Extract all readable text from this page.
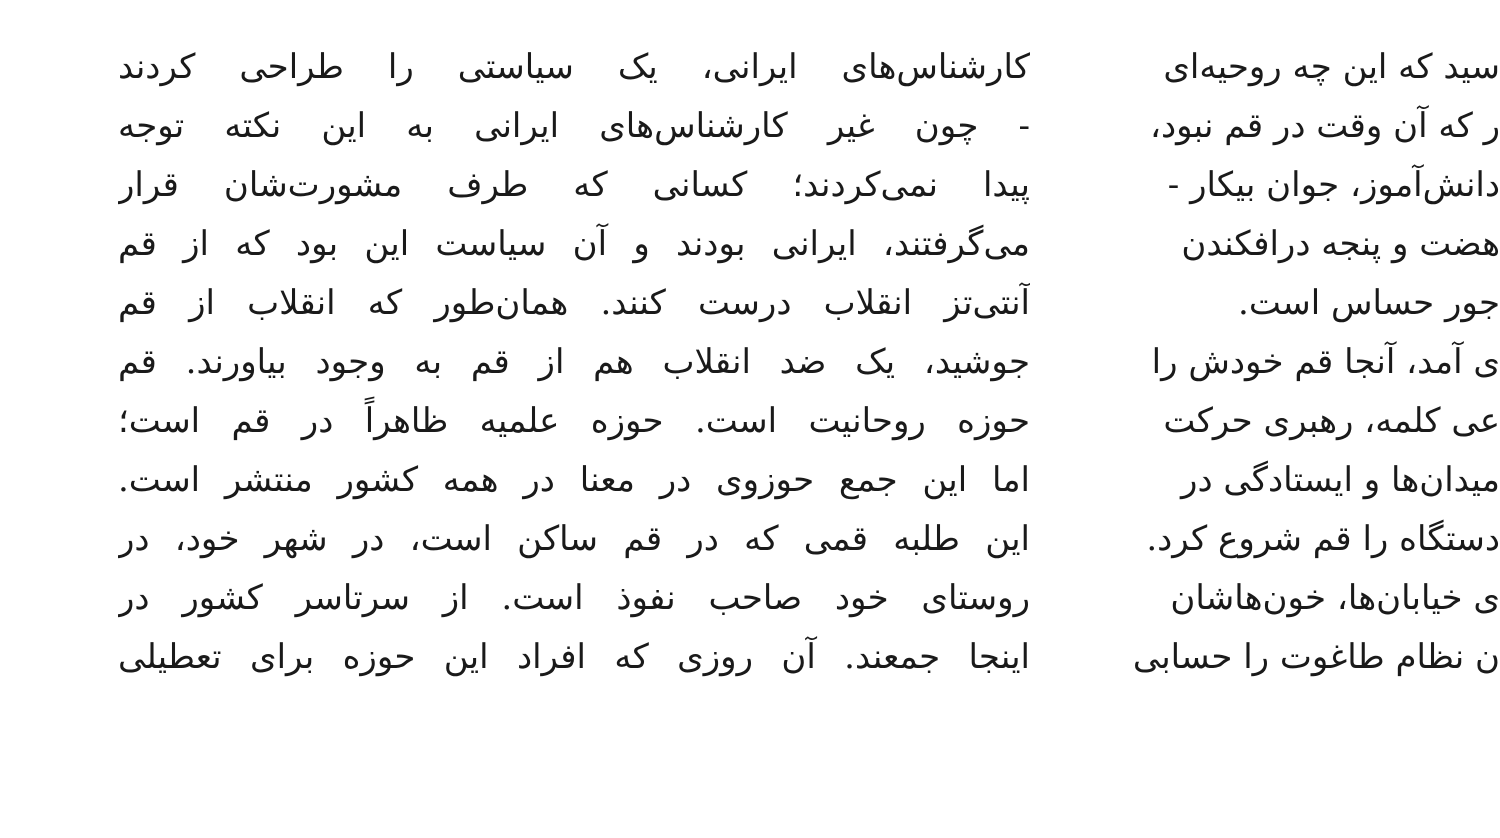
کارشناس‌های ایرانی، یک سیاستی را طراحی کردند
- چون غیر کارشناس‌های ایرانی به این نکته توجه
پیدا نمی‌کردند؛ کسانی که طرف مشورت‌شان قرار
می‌گرفتند، ایرانی بودند و آن سیاست این بود که از قم
آنتی‌تز انقلاب درست کنند. همان‌طور که انقلاب از قم
جوشید، یک ضد انقلاب هم از قم به وجود بیاورند. قم
حوزه روحانیت است. حوزه علمیه ظاهراً در قم است؛
اما این جمع حوزوی در معنا در همه کشور منتشر است.
این طلبه قمی که در قم ساکن است، در شهر خود، در
روستای خود صاحب نفوذ است. از سرتاسر کشور در
اینجا جمعند. آن روزی که افراد این حوزه برای تعطیلی
سید که این چه روحیه‌ای
ر که آن وقت در قم نبود،
دانش‌آموز، جوان بیکار -
هضت و پنجه درافکندن
جور حساس است.
ی آمد، آنجا قم خودش را
عی کلمه، رهبری حرکت
میدان‌ها و ایستادگی در
دستگاه را قم شروع کرد.
ی خیابان‌ها، خون‌هاشان
ن نظام طاغوت را حسابی
